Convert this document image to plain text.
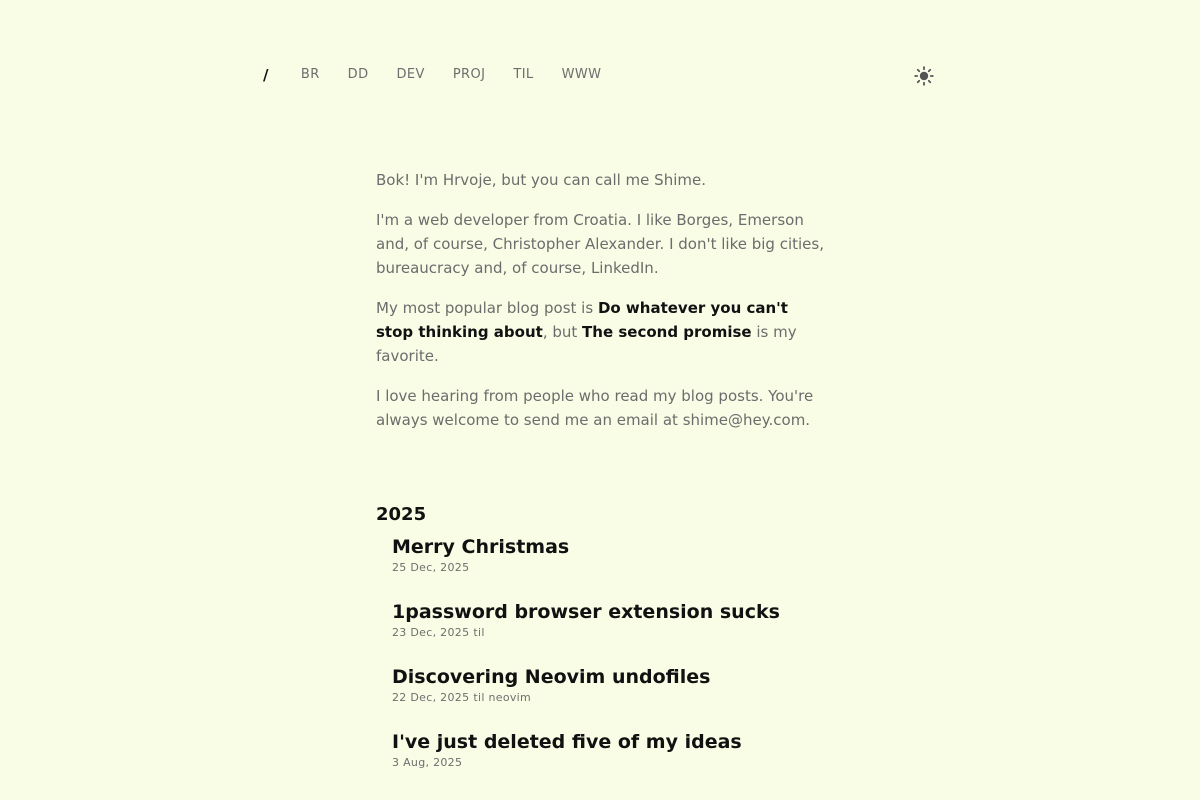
/ BR DD DEV PROJ TIL WWW

Bok! I'm Hrvoje, but you can call me Shime.

I'm a web developer from Croatia. I like Borges, Emerson and, of course, Christopher Alexander. I don't like big cities, bureaucracy and, of course, LinkedIn.

My most popular blog post is Do whatever you can't stop thinking about, but The second promise is my favorite.

I love hearing from people who read my blog posts. You're always welcome to send me an email at shime@hey.com.

2025
Merry Christmas
25 Dec, 2025
1password browser extension sucks
23 Dec, 2025 til
Discovering Neovim undofiles
22 Dec, 2025 til neovim
I've just deleted five of my ideas
3 Aug, 2025
